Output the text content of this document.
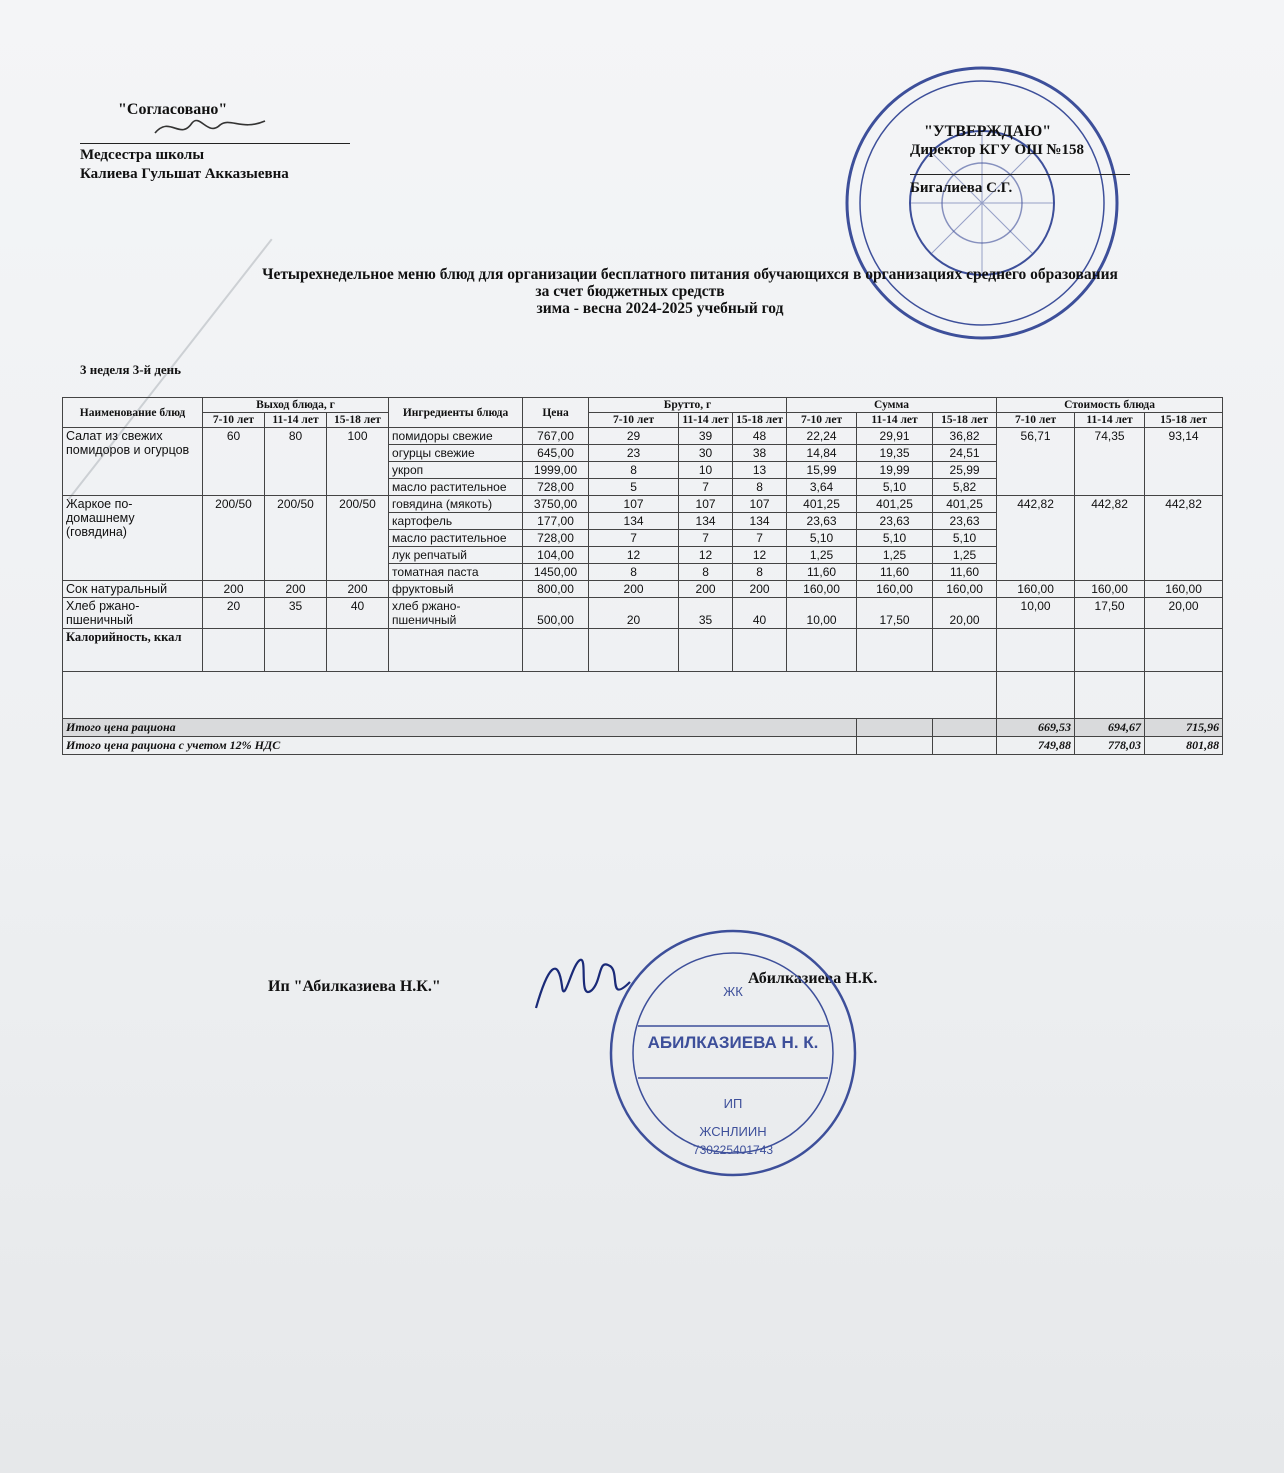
"Согласовано"
Медсестра школы
Калиева Гульшат Акказыевна
"УТВЕРЖДАЮ"
Директор КГУ ОШ №158
Бигалиева С.Г.
Четырехнедельное меню блюд для организации бесплатного питания обучающихся в организациях среднего образования
за счет бюджетных средств
зима - весна 2024-2025 учебный год
3 неделя 3-й день
Наименование блюд	Выход блюда, г			Ингредиенты блюда	Цена	Брутто, г			Сумма			Стоимость блюда		
	7-10 лет	11-14 лет	15-18 лет			7-10 лет	11-14 лет	15-18 лет	7-10 лет	11-14 лет	15-18 лет	7-10 лет	11-14 лет	15-18 лет
Салат из свежих помидоров и огурцов	60	80	100	помидоры свежие	767,00	29	39	48	22,24	29,91	36,82	56,71	74,35	93,14
				огурцы свежие	645,00	23	30	38	14,84	19,35	24,51			
				укроп	1999,00	8	10	13	15,99	19,99	25,99			
				масло растительное	728,00	5	7	8	3,64	5,10	5,82			
Жаркое по-домашнему (говядина)	200/50	200/50	200/50	говядина (мякоть)	3750,00	107	107	107	401,25	401,25	401,25	442,82	442,82	442,82
				картофель	177,00	134	134	134	23,63	23,63	23,63			
				масло растительное	728,00	7	7	7	5,10	5,10	5,10			
				лук репчатый	104,00	12	12	12	1,25	1,25	1,25			
				томатная паста	1450,00	8	8	8	11,60	11,60	11,60			
Сок натуральный	200	200	200	фруктовый	800,00	200	200	200	160,00	160,00	160,00	160,00	160,00	160,00
Хлеб ржано-пшеничный	20	35	40	хлеб ржано-пшеничный	500,00	20	35	40	10,00	17,50	20,00	10,00	17,50	20,00
Калорийность, ккал														

Итого цена рациона												669,53	694,67	715,96
Итого цена рациона с учетом 12% НДС												749,88	778,03	801,88
Ип "Абилказиева Н.К."	Абилказиева Н.К.
ЖК
АБИЛКАЗИЕВА Н. К.
ИП
ЖСНЛИИН
730225401743
